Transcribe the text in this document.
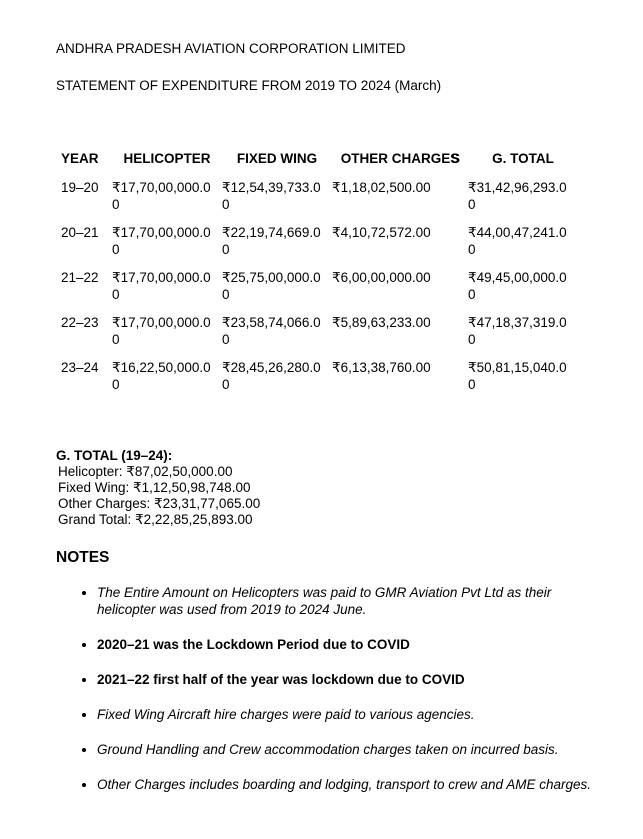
ANDHRA PRADESH AVIATION CORPORATION LIMITED

STATEMENT OF EXPENDITURE FROM 2019 TO 2024 (March)

YEAR	HELICOPTER	FIXED WING	OTHER CHARGES	G. TOTAL
19–20	₹17,70,00,000.00	₹12,54,39,733.00	₹1,18,02,500.00	₹31,42,96,293.00
20–21	₹17,70,00,000.00	₹22,19,74,669.00	₹4,10,72,572.00	₹44,00,47,241.00
21–22	₹17,70,00,000.00	₹25,75,00,000.00	₹6,00,00,000.00	₹49,45,00,000.00
22–23	₹17,70,00,000.00	₹23,58,74,066.00	₹5,89,63,233.00	₹47,18,37,319.00
23–24	₹16,22,50,000.00	₹28,45,26,280.00	₹6,13,38,760.00	₹50,81,15,040.00

G. TOTAL (19–24):

Helicopter: ₹87,02,50,000.00

Fixed Wing: ₹1,12,50,98,748.00

Other Charges: ₹23,31,77,065.00

Grand Total: ₹2,22,85,25,893.00

NOTES

• The Entire Amount on Helicopters was paid to GMR Aviation Pvt Ltd as their helicopter was used from 2019 to 2024 June.
• 2020–21 was the Lockdown Period due to COVID
• 2021–22 first half of the year was lockdown due to COVID
• Fixed Wing Aircraft hire charges were paid to various agencies.
• Ground Handling and Crew accommodation charges taken on incurred basis.
• Other Charges includes boarding and lodging, transport to crew and AME charges.
